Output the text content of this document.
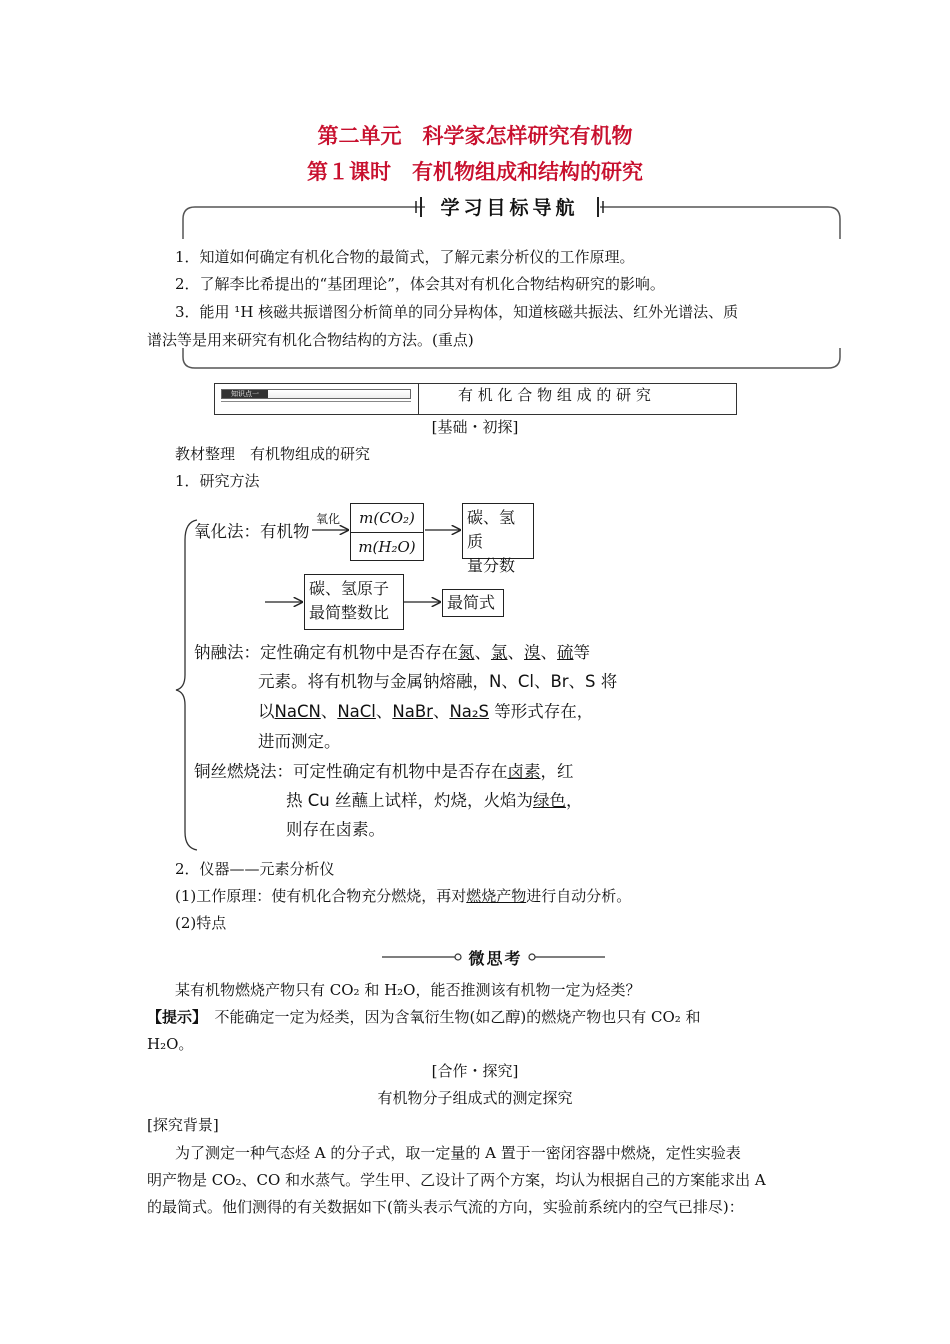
第二单元　科学家怎样研究有机物
第１课时　有机物组成和结构的研究
学习目标导航
1．知道如何确定有机化合物的最简式，了解元素分析仪的工作原理。
2．了解李比希提出的“基团理论”，体会其对有机化合物结构研究的影响。
3．能用 ¹H 核磁共振谱图分析简单的同分异构体，知道核磁共振法、红外光谱法、质
谱法等是用来研究有机化合物结构的方法。(重点)
知识点一	有 机 化 合 物 组 成 的 研 究
[基础・初探]
教材整理　有机物组成的研究
1．研究方法
氧化法：有机物
氧化	m(CO₂)
m(H₂O)
碳、氢质
量分数
碳、氢原子
最简整数比
最简式
钠融法：定性确定有机物中是否存在氮、氯、溴、硫等
元素。将有机物与金属钠熔融，N、Cl、Br、S 将
以NaCN、NaCl、NaBr、Na₂S 等形式存在，
进而测定。
铜丝燃烧法：可定性确定有机物中是否存在卤素，红
热 Cu 丝蘸上试样，灼烧，火焰为绿色，
则存在卤素。
2．仪器——元素分析仪
(1)工作原理：使有机化合物充分燃烧，再对燃烧产物进行自动分析。
(2)特点
微思考
某有机物燃烧产物只有 CO₂ 和 H₂O，能否推测该有机物一定为烃类？
【提示】　不能确定一定为烃类，因为含氧衍生物(如乙醇)的燃烧产物也只有 CO₂ 和
H₂O。
[合作・探究]
有机物分子组成式的测定探究
[探究背景]
为了测定一种气态烃 A 的分子式，取一定量的 A 置于一密闭容器中燃烧，定性实验表
明产物是 CO₂、CO 和水蒸气。学生甲、乙设计了两个方案，均认为根据自己的方案能求出 A
的最简式。他们测得的有关数据如下(箭头表示气流的方向，实验前系统内的空气已排尽)：
